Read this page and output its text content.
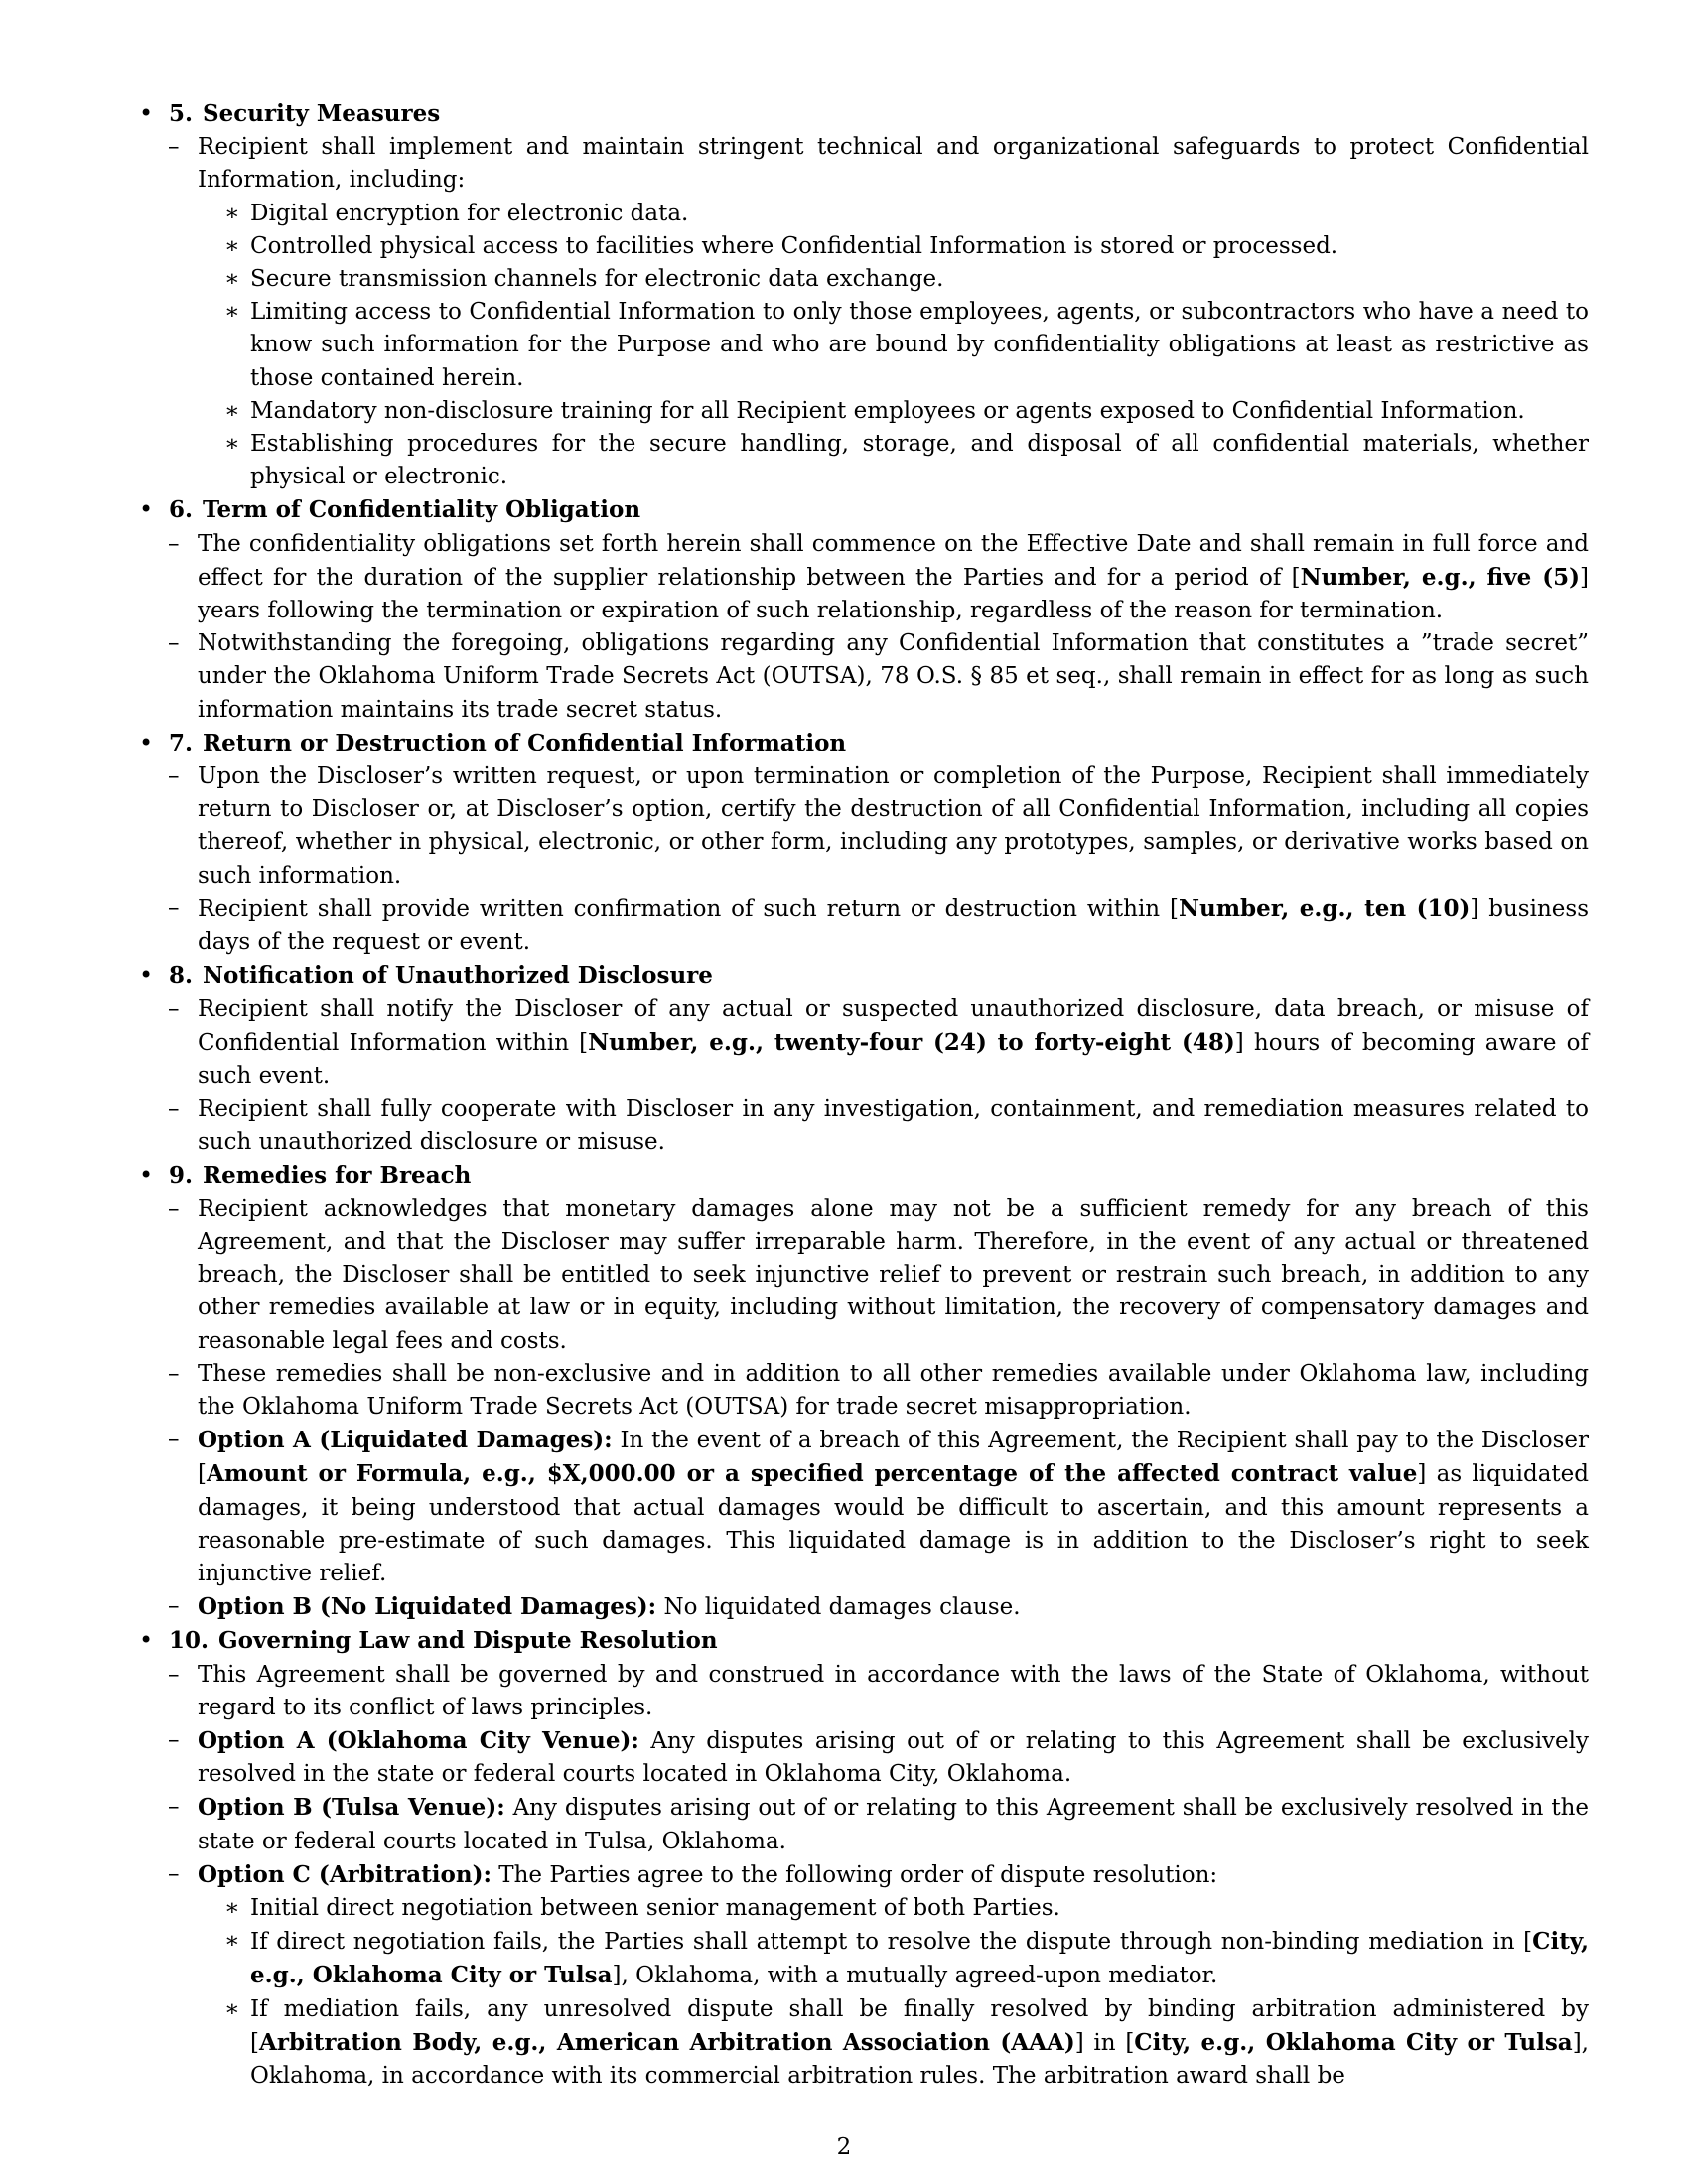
• 5. Security Measures
– Recipient shall implement and maintain stringent technical and organizational safeguards to protect Confidential Information, including:
∗ Digital encryption for electronic data.
∗ Controlled physical access to facilities where Confidential Information is stored or processed.
∗ Secure transmission channels for electronic data exchange.
∗ Limiting access to Confidential Information to only those employees, agents, or subcontractors who have a need to know such information for the Purpose and who are bound by confidentiality obligations at least as restrictive as those contained herein.
∗ Mandatory non-disclosure training for all Recipient employees or agents exposed to Confidential Information.
∗ Establishing procedures for the secure handling, storage, and disposal of all confidential materials, whether physical or electronic.
• 6. Term of Confidentiality Obligation
– The confidentiality obligations set forth herein shall commence on the Effective Date and shall remain in full force and effect for the duration of the supplier relationship between the Parties and for a period of [Number, e.g., five (5)] years following the termination or expiration of such relationship, regardless of the reason for termination.
– Notwithstanding the foregoing, obligations regarding any Confidential Information that constitutes a ”trade secret” under the Oklahoma Uniform Trade Secrets Act (OUTSA), 78 O.S. § 85 et seq., shall remain in effect for as long as such information maintains its trade secret status.
• 7. Return or Destruction of Confidential Information
– Upon the Discloser’s written request, or upon termination or completion of the Purpose, Recipient shall immediately return to Discloser or, at Discloser’s option, certify the destruction of all Confidential Information, including all copies thereof, whether in physical, electronic, or other form, including any prototypes, samples, or derivative works based on such information.
– Recipient shall provide written confirmation of such return or destruction within [Number, e.g., ten (10)] business days of the request or event.
• 8. Notification of Unauthorized Disclosure
– Recipient shall notify the Discloser of any actual or suspected unauthorized disclosure, data breach, or misuse of Confidential Information within [Number, e.g., twenty-four (24) to forty-eight (48)] hours of becoming aware of such event.
– Recipient shall fully cooperate with Discloser in any investigation, containment, and remediation measures related to such unauthorized disclosure or misuse.
• 9. Remedies for Breach
– Recipient acknowledges that monetary damages alone may not be a sufficient remedy for any breach of this Agreement, and that the Discloser may suffer irreparable harm. Therefore, in the event of any actual or threatened breach, the Discloser shall be entitled to seek injunctive relief to prevent or restrain such breach, in addition to any other remedies available at law or in equity, including without limitation, the recovery of compensatory damages and reasonable legal fees and costs.
– These remedies shall be non-exclusive and in addition to all other remedies available under Oklahoma law, including the Oklahoma Uniform Trade Secrets Act (OUTSA) for trade secret misappropriation.
– Option A (Liquidated Damages): In the event of a breach of this Agreement, the Recipient shall pay to the Discloser [Amount or Formula, e.g., $X,000.00 or a specified percentage of the affected contract value] as liquidated damages, it being understood that actual damages would be difficult to ascertain, and this amount represents a reasonable pre-estimate of such damages. This liquidated damage is in addition to the Discloser’s right to seek injunctive relief.
– Option B (No Liquidated Damages): No liquidated damages clause.
• 10. Governing Law and Dispute Resolution
– This Agreement shall be governed by and construed in accordance with the laws of the State of Oklahoma, without regard to its conflict of laws principles.
– Option A (Oklahoma City Venue): Any disputes arising out of or relating to this Agreement shall be exclusively resolved in the state or federal courts located in Oklahoma City, Oklahoma.
– Option B (Tulsa Venue): Any disputes arising out of or relating to this Agreement shall be exclusively resolved in the state or federal courts located in Tulsa, Oklahoma.
– Option C (Arbitration): The Parties agree to the following order of dispute resolution:
∗ Initial direct negotiation between senior management of both Parties.
∗ If direct negotiation fails, the Parties shall attempt to resolve the dispute through non-binding mediation in [City, e.g., Oklahoma City or Tulsa], Oklahoma, with a mutually agreed-upon mediator.
∗ If mediation fails, any unresolved dispute shall be finally resolved by binding arbitration administered by [Arbitration Body, e.g., American Arbitration Association (AAA)] in [City, e.g., Oklahoma City or Tulsa], Oklahoma, in accordance with its commercial arbitration rules. The arbitration award shall be
2
